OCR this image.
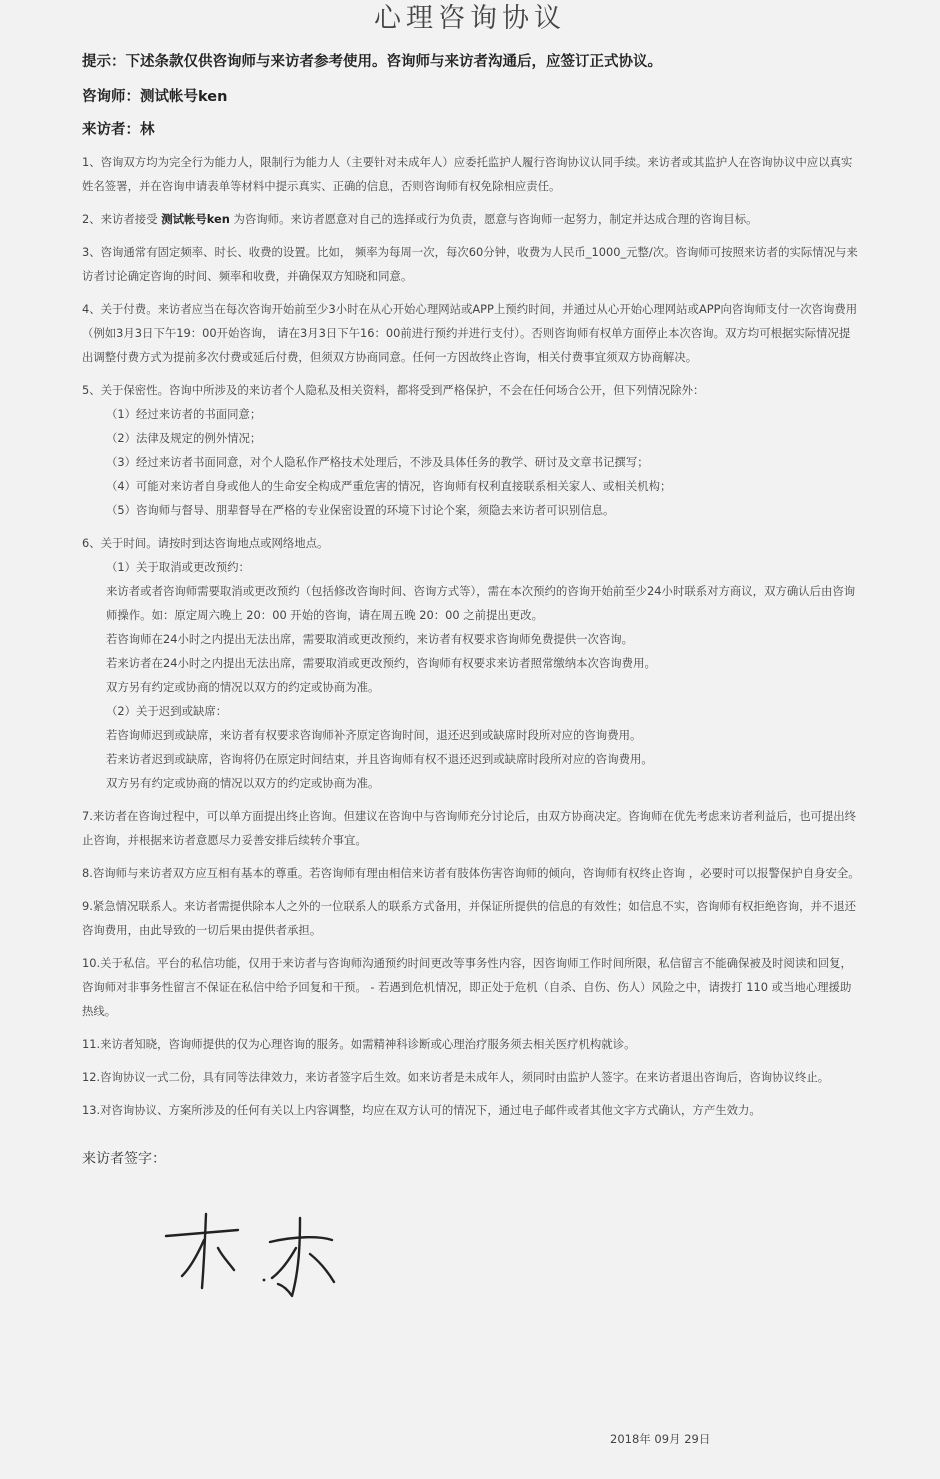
心理咨询协议
提示：下述条款仅供咨询师与来访者参考使用。咨询师与来访者沟通后，应签订正式协议。
咨询师：测试帐号ken
来访者：林

1、咨询双方均为完全行为能力人，限制行为能力人（主要针对未成年人）应委托监护人履行咨询协议认同手续。来访者或其监护人在咨询协议中应以真实姓名签署，并在咨询申请表单等材料中提示真实、正确的信息，否则咨询师有权免除相应责任。

2、来访者接受 测试帐号ken 为咨询师。来访者愿意对自己的选择或行为负责，愿意与咨询师一起努力，制定并达成合理的咨询目标。

3、咨询通常有固定频率、时长、收费的设置。比如， 频率为每周一次，每次60分钟，收费为人民币_1000_元整/次。咨询师可按照来访者的实际情况与来访者讨论确定咨询的时间、频率和收费，并确保双方知晓和同意。

4、关于付费。来访者应当在每次咨询开始前至少3小时在从心开始心理网站或APP上预约时间，并通过从心开始心理网站或APP向咨询师支付一次咨询费用（例如3月3日下午19：00开始咨询， 请在3月3日下午16：00前进行预约并进行支付）。否则咨询师有权单方面停止本次咨询。双方均可根据实际情况提出调整付费方式为提前多次付费或延后付费，但须双方协商同意。任何一方因故终止咨询，相关付费事宜须双方协商解决。

5、关于保密性。咨询中所涉及的来访者个人隐私及相关资料，都将受到严格保护，不会在任何场合公开，但下列情况除外：

（1）经过来访者的书面同意；

（2）法律及规定的例外情况；

（3）经过来访者书面同意，对个人隐私作严格技术处理后，不涉及具体任务的教学、研讨及文章书记撰写；

（4）可能对来访者自身或他人的生命安全构成严重危害的情况，咨询师有权利直接联系相关家人、或相关机构；

（5）咨询师与督导、朋辈督导在严格的专业保密设置的环境下讨论个案，须隐去来访者可识别信息。

6、关于时间。请按时到达咨询地点或网络地点。

（1）关于取消或更改预约：

来访者或者咨询师需要取消或更改预约（包括修改咨询时间、咨询方式等），需在本次预约的咨询开始前至少24小时联系对方商议，双方确认后由咨询师操作。如：原定周六晚上 20：00 开始的咨询，请在周五晚 20：00 之前提出更改。

若咨询师在24小时之内提出无法出席，需要取消或更改预约，来访者有权要求咨询师免费提供一次咨询。

若来访者在24小时之内提出无法出席，需要取消或更改预约，咨询师有权要求来访者照常缴纳本次咨询费用。

双方另有约定或协商的情况以双方的约定或协商为准。

（2）关于迟到或缺席：

若咨询师迟到或缺席，来访者有权要求咨询师补齐原定咨询时间，退还迟到或缺席时段所对应的咨询费用。

若来访者迟到或缺席，咨询将仍在原定时间结束，并且咨询师有权不退还迟到或缺席时段所对应的咨询费用。

双方另有约定或协商的情况以双方的约定或协商为准。

7.来访者在咨询过程中，可以单方面提出终止咨询。但建议在咨询中与咨询师充分讨论后，由双方协商决定。咨询师在优先考虑来访者利益后，也可提出终止咨询，并根据来访者意愿尽力妥善安排后续转介事宜。

8.咨询师与来访者双方应互相有基本的尊重。若咨询师有理由相信来访者有肢体伤害咨询师的倾向，咨询师有权终止咨询 ，必要时可以报警保护自身安全。

9.紧急情况联系人。来访者需提供除本人之外的一位联系人的联系方式备用，并保证所提供的信息的有效性；如信息不实，咨询师有权拒绝咨询，并不退还咨询费用，由此导致的一切后果由提供者承担。

10.关于私信。平台的私信功能，仅用于来访者与咨询师沟通预约时间更改等事务性内容，因咨询师工作时间所限，私信留言不能确保被及时阅读和回复，咨询师对非事务性留言不保证在私信中给予回复和干预。 - 若遇到危机情况，即正处于危机（自杀、自伤、伤人）风险之中，请拨打 110 或当地心理援助热线。

11.来访者知晓，咨询师提供的仅为心理咨询的服务。如需精神科诊断或心理治疗服务须去相关医疗机构就诊。

12.咨询协议一式二份，具有同等法律效力，来访者签字后生效。如来访者是未成年人，须同时由监护人签字。在来访者退出咨询后，咨询协议终止。

13.对咨询协议、方案所涉及的任何有关以上内容调整，均应在双方认可的情况下，通过电子邮件或者其他文字方式确认，方产生效力。

来访者签字：
2018年 09月 29日
